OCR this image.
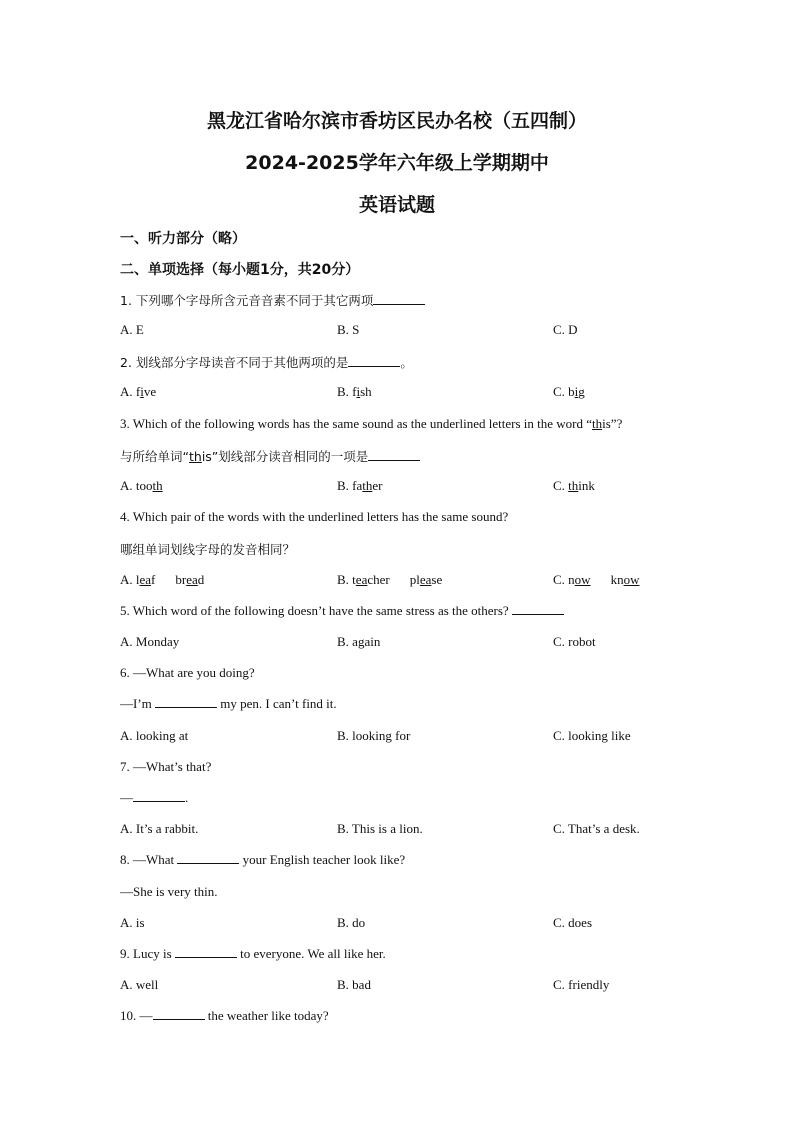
黑龙江省哈尔滨市香坊区民办名校（五四制）
2024-2025学年六年级上学期期中
英语试题
一、听力部分（略）
二、单项选择（每小题1分，共20分）
1. 下列哪个字母所含元音音素不同于其它两项
A. E	B. S	C. D
2. 划线部分字母读音不同于其他两项的是	。
A. five	B. fish	C. big
3. Which of the following words has the same sound as the underlined letters in the word “this”?
与所给单词“this”划线部分读音相同的一项是
A. tooth	B. father	C. think
4. Which pair of the words with the underlined letters has the same sound?
哪组单词划线字母的发音相同？
A. leaf bread	B. teacher please	C. now know
5. Which word of the following doesn’t have the same stress as the others?
A. Monday	B. again	C. robot
6. —What are you doing?
—I’m	my pen. I can’t find it.
A. looking at	B. looking for	C. looking like
7. —What’s that?
—	.
A. It’s a rabbit.	B. This is a lion.	C. That’s a desk.
8. —What	your English teacher look like?
—She is very thin.
A. is	B. do	C. does
9. Lucy is	to everyone. We all like her.
A. well	B. bad	C. friendly
10. —	the weather like today?
